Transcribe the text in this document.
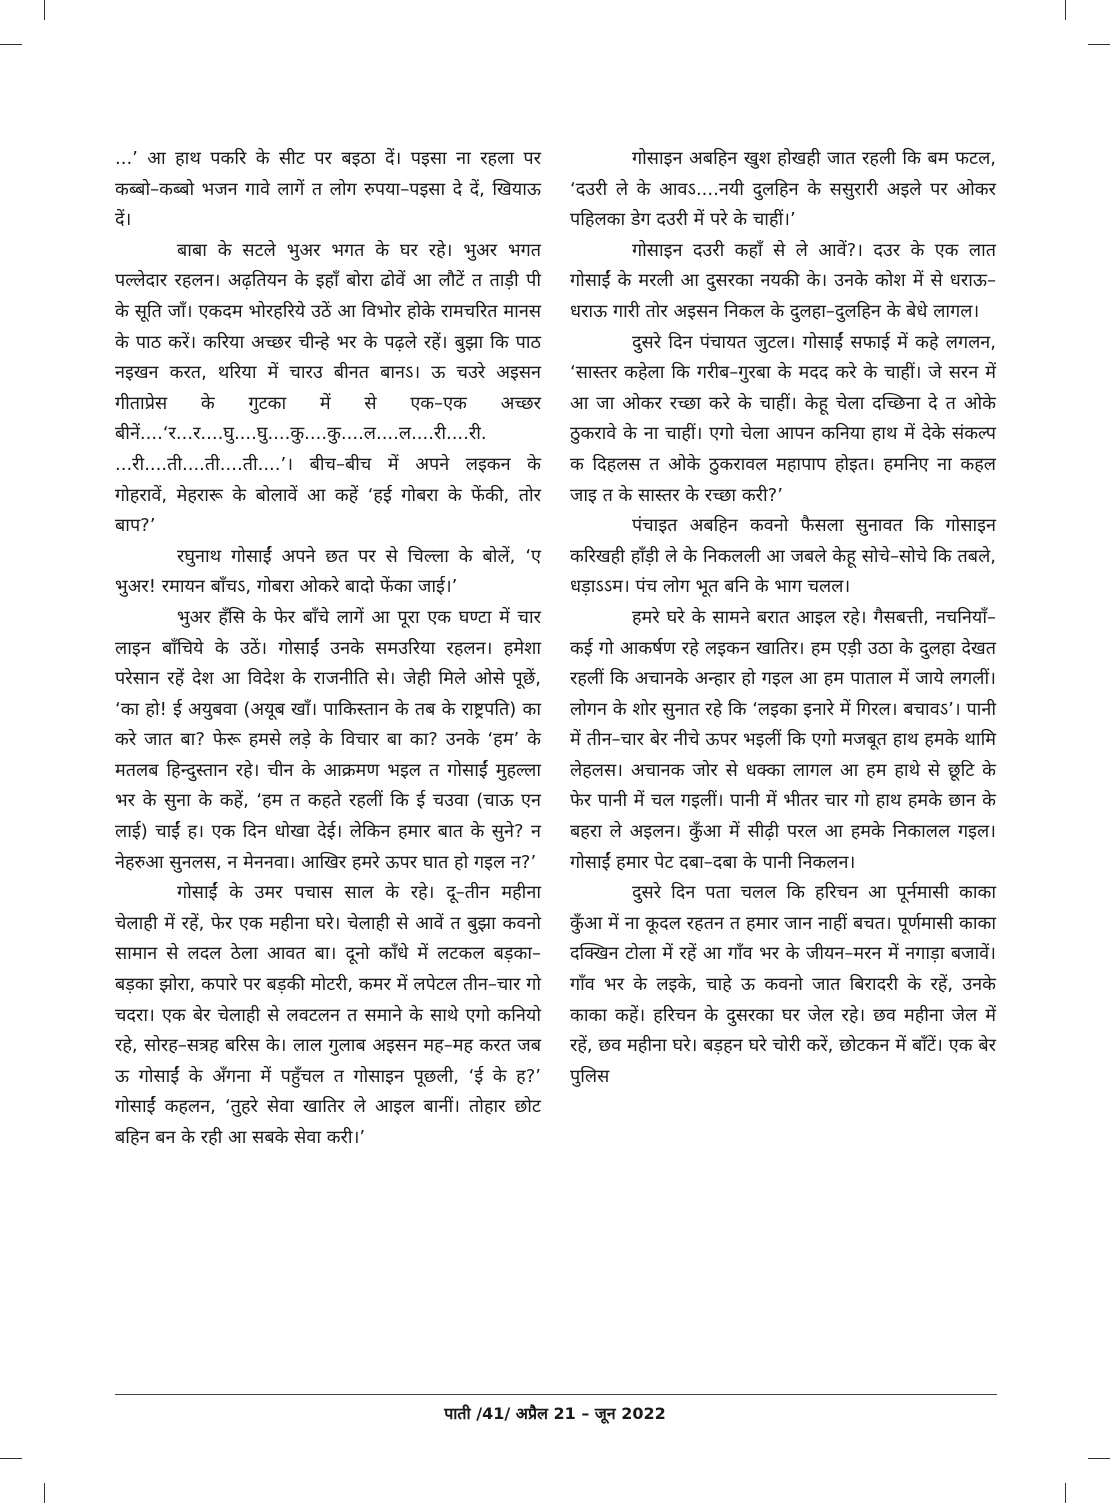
...’ आ हाथ पकरि के सीट पर बइठा दें। पइसा ना रहला पर कब्बो–कब्बो भजन गावे लागें त लोग रुपया–पइसा दे दें, खियाऊ दें।

बाबा के सटले भुअर भगत के घर रहे। भुअर भगत पल्लेदार रहलन। अढ़तियन के इहाँ बोरा ढोवें आ लौटें त ताड़ी पी के सूति जाँ। एकदम भोरहरिये उठें आ विभोर होके रामचरित मानस के पाठ करें। करिया अच्छर चीन्हे भर के पढ़ले रहें। बुझा कि पाठ नइखन करत, थरिया में चारउ बीनत बानऽ। ऊ चउरे अइसन गीताप्रेस के गुटका में से एक–एक अच्छर बीनें....‘र...र....घु....घु....कु....कु....ल....ल....री....री. ...री....ती....ती....ती....’। बीच–बीच में अपने लइकन के गोहरावें, मेहरारू के बोलावें आ कहें ‘हई गोबरा के फेंकी, तोर बाप?’

रघुनाथ गोसाईं अपने छत पर से चिल्ला के बोलें, ‘ए भुअर! रमायन बाँचऽ, गोबरा ओकरे बादो फेंका जाई।’

भुअर हँसि के फेर बाँचे लागें आ पूरा एक घण्टा में चार लाइन बाँचिये के उठें। गोसाईं उनके समउरिया रहलन। हमेशा परेसान रहें देश आ विदेश के राजनीति से। जेही मिले ओसे पूछें, ‘का हो! ई अयुबवा (अयूब खाँ। पाकिस्तान के तब के राष्ट्रपति) का करे जात बा? फेरू हमसे लड़े के विचार बा का? उनके ‘हम’ के मतलब हिन्दुस्तान रहे। चीन के आक्रमण भइल त गोसाईं मुहल्ला भर के सुना के कहें, ‘हम त कहते रहलीं कि ई चउवा (चाऊ एन लाई) चाईं ह। एक दिन धोखा देई। लेकिन हमार बात के सुने? न नेहरुआ सुनलस, न मेननवा। आखिर हमरे ऊपर घात हो गइल न?’

गोसाईं के उमर पचास साल के रहे। दू–तीन महीना चेलाही में रहें, फेर एक महीना घरे। चेलाही से आवें त बुझा कवनो सामान से लदल ठेला आवत बा। दूनो काँधे में लटकल बड़का–बड़का झोरा, कपारे पर बड़की मोटरी, कमर में लपेटल तीन–चार गो चदरा। एक बेर चेलाही से लवटलन त समाने के साथे एगो कनियो रहे, सोरह–सत्रह बरिस के। लाल गुलाब अइसन मह–मह करत जब ऊ गोसाईं के अँगना में पहुँचल त गोसाइन पूछली, ‘ई के ह?’ गोसाईं कहलन, ‘तुहरे सेवा खातिर ले आइल बानीं। तोहार छोट बहिन बन के रही आ सबके सेवा करी।’

गोसाइन अबहिन खुश होखही जात रहली कि बम फटल, ‘दउरी ले के आवऽ....नयी दुलहिन के ससुरारी अइले पर ओकर पहिलका डेग दउरी में परे के चाहीं।’

गोसाइन दउरी कहाँ से ले आवें?। दउर के एक लात गोसाईं के मरली आ दुसरका नयकी के। उनके कोश में से धराऊ–धराऊ गारी तोर अइसन निकल के दुलहा–दुलहिन के बेधे लागल।

दुसरे दिन पंचायत जुटल। गोसाईं सफाई में कहे लगलन, ‘सास्तर कहेला कि गरीब–गुरबा के मदद करे के चाहीं। जे सरन में आ जा ओकर रच्छा करे के चाहीं। केहू चेला दच्छिना दे त ओके ठुकरावे के ना चाहीं। एगो चेला आपन कनिया हाथ में देके संकल्प क दिहलस त ओके ठुकरावल महापाप होइत। हमनिए ना कहल जाइ त के सास्तर के रच्छा करी?’

पंचाइत अबहिन कवनो फैसला सुनावत कि गोसाइन करिखही हाँड़ी ले के निकलली आ जबले केहू सोचे–सोचे कि तबले, धड़ाऽऽम। पंच लोग भूत बनि के भाग चलल।

हमरे घरे के सामने बरात आइल रहे। गैसबत्ती, नचनियाँ–कई गो आकर्षण रहे लइकन खातिर। हम एड़ी उठा के दुलहा देखत रहलीं कि अचानके अन्हार हो गइल आ हम पाताल में जाये लगलीं। लोगन के शोर सुनात रहे कि ‘लइका इनारे में गिरल। बचावऽ’। पानी में तीन–चार बेर नीचे ऊपर भइलीं कि एगो मजबूत हाथ हमके थामि लेहलस। अचानक जोर से धक्का लागल आ हम हाथे से छूटि के फेर पानी में चल गइलीं। पानी में भीतर चार गो हाथ हमके छान के बहरा ले अइलन। कुँआ में सीढ़ी परल आ हमके निकालल गइल। गोसाईं हमार पेट दबा–दबा के पानी निकलन।

दुसरे दिन पता चलल कि हरिचन आ पूर्नमासी काका कुँआ में ना कूदल रहतन त हमार जान नाहीं बचत। पूर्णमासी काका दक्खिन टोला में रहें आ गाँव भर के जीयन–मरन में नगाड़ा बजावें। गाँव भर के लइके, चाहे ऊ कवनो जात बिरादरी के रहें, उनके काका कहें। हरिचन के दुसरका घर जेल रहे। छव महीना जेल में रहें, छव महीना घरे। बड़हन घरे चोरी करें, छोटकन में बाँटें। एक बेर पुलिस

पाती /41/ अप्रैल 21 – जून 2022
